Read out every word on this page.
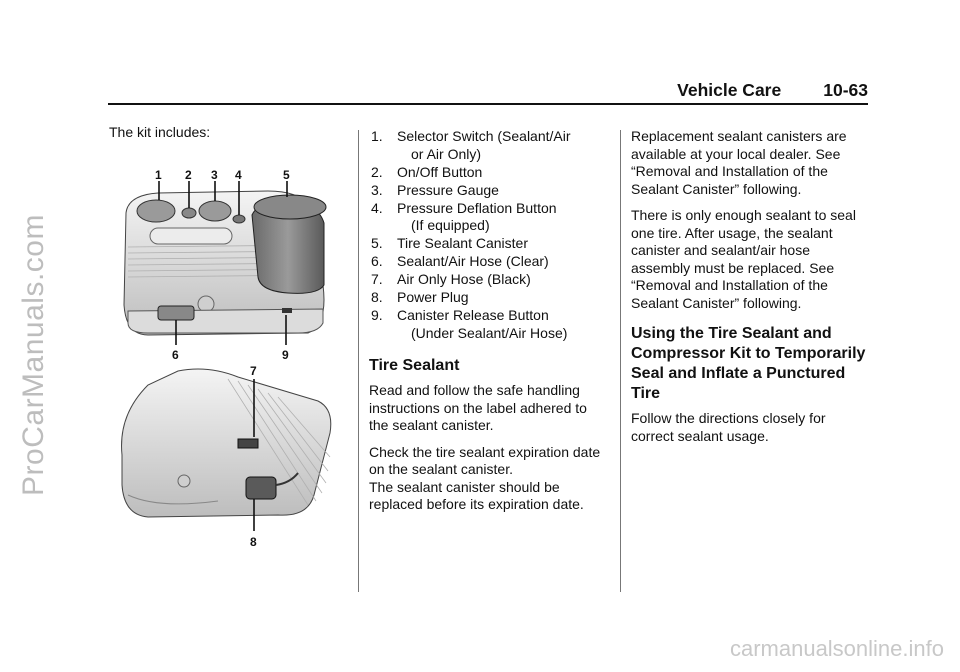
ProCarManuals.com
carmanualsonline.info
Vehicle Care 10-63

The kit includes:

1 2 3 4	5
6	9
7
8
1.	Selector Switch (Sealant/Air
or Air Only)
2.	On/Off Button
3.	Pressure Gauge
4.	Pressure Deflation Button
(If equipped)
5.	Tire Sealant Canister
6.	Sealant/Air Hose (Clear)
7.	Air Only Hose (Black)
8.	Power Plug
9.	Canister Release Button
(Under Sealant/Air Hose)
Tire Sealant

Read and follow the safe handling instructions on the label adhered to the sealant canister.

Check the tire sealant expiration date on the sealant canister.
The sealant canister should be replaced before its expiration date.

Replacement sealant canisters are available at your local dealer. See “Removal and Installation of the Sealant Canister” following.

There is only enough sealant to seal one tire. After usage, the sealant canister and sealant/air hose assembly must be replaced. See “Removal and Installation of the Sealant Canister” following.

Using the Tire Sealant and Compressor Kit to Temporarily Seal and Inflate a Punctured Tire

Follow the directions closely for correct sealant usage.
